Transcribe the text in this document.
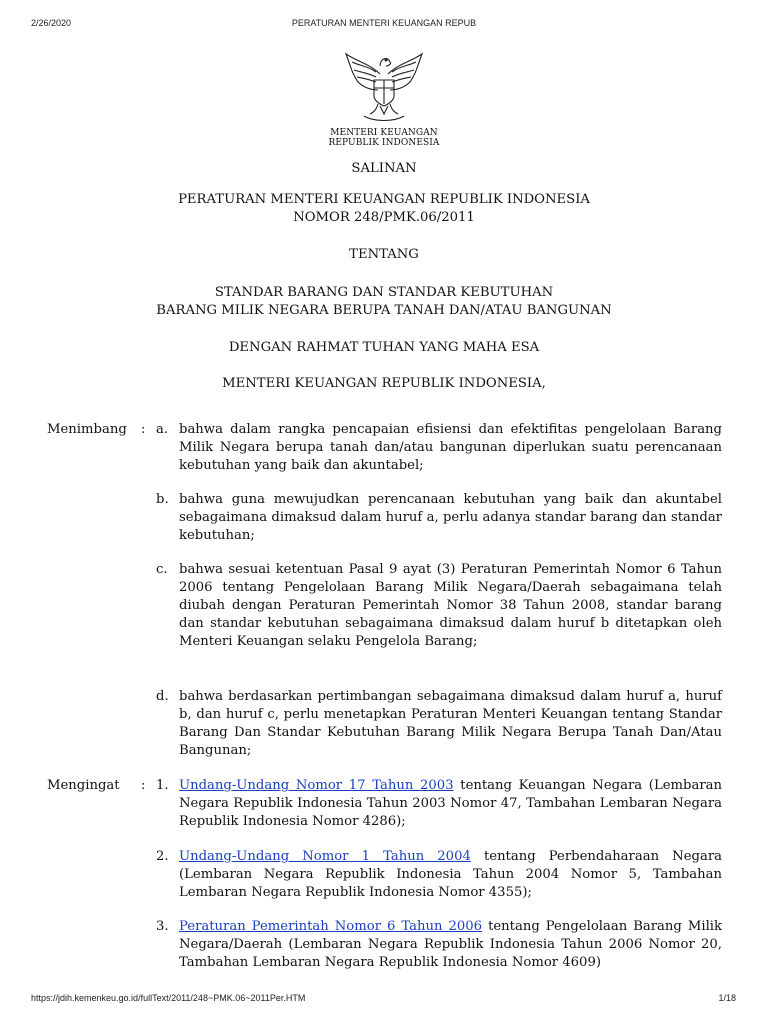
2/26/2020	PERATURAN MENTERI KEUANGAN REPUB
MENTERI KEUANGAN
REPUBLIK INDONESIA
SALINAN
PERATURAN MENTERI KEUANGAN REPUBLIK INDONESIA
NOMOR 248/PMK.06/2011
TENTANG
STANDAR BARANG DAN STANDAR KEBUTUHAN
BARANG MILIK NEGARA BERUPA TANAH DAN/ATAU BANGUNAN
DENGAN RAHMAT TUHAN YANG MAHA ESA
MENTERI KEUANGAN REPUBLIK INDONESIA,
Menimbang : a. bahwa dalam rangka pencapaian efisiensi dan efektifitas pengelolaan Barang Milik Negara berupa tanah dan/atau bangunan diperlukan suatu perencanaan kebutuhan yang baik dan akuntabel;
b. bahwa guna mewujudkan perencanaan kebutuhan yang baik dan akuntabel sebagaimana dimaksud dalam huruf a, perlu adanya standar barang dan standar kebutuhan;
c. bahwa sesuai ketentuan Pasal 9 ayat (3) Peraturan Pemerintah Nomor 6 Tahun 2006 tentang Pengelolaan Barang Milik Negara/Daerah sebagaimana telah diubah dengan Peraturan Pemerintah Nomor 38 Tahun 2008, standar barang dan standar kebutuhan sebagaimana dimaksud dalam huruf b ditetapkan oleh Menteri Keuangan selaku Pengelola Barang;
d. bahwa berdasarkan pertimbangan sebagaimana dimaksud dalam huruf a, huruf b, dan huruf c, perlu menetapkan Peraturan Menteri Keuangan tentang Standar Barang Dan Standar Kebutuhan Barang Milik Negara Berupa Tanah Dan/Atau Bangunan;
Mengingat : 1. Undang-Undang Nomor 17 Tahun 2003 tentang Keuangan Negara (Lembaran Negara Republik Indonesia Tahun 2003 Nomor 47, Tambahan Lembaran Negara Republik Indonesia Nomor 4286);
2. Undang-Undang Nomor 1 Tahun 2004 tentang Perbendaharaan Negara (Lembaran Negara Republik Indonesia Tahun 2004 Nomor 5, Tambahan Lembaran Negara Republik Indonesia Nomor 4355);
3. Peraturan Pemerintah Nomor 6 Tahun 2006 tentang Pengelolaan Barang Milik Negara/Daerah (Lembaran Negara Republik Indonesia Tahun 2006 Nomor 20, Tambahan Lembaran Negara Republik Indonesia Nomor 4609)
https://jdih.kemenkeu.go.id/fullText/2011/248~PMK.06~2011Per.HTM	1/18
